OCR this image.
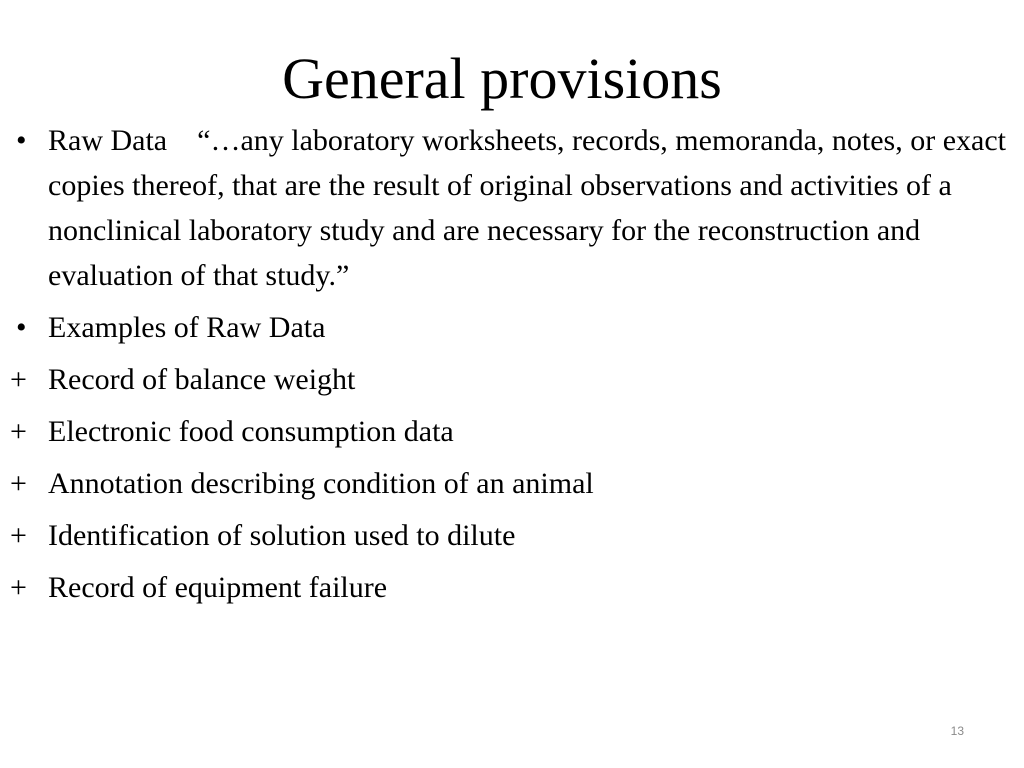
General provisions
• Raw Data “…any laboratory worksheets, records, memoranda, notes, or exact copies thereof, that are the result of original observations and activities of a nonclinical laboratory study and are necessary for the reconstruction and evaluation of that study.”
• Examples of Raw Data
+ Record of balance weight
+ Electronic food consumption data
+ Annotation describing condition of an animal
+ Identification of solution used to dilute
+ Record of equipment failure
13
